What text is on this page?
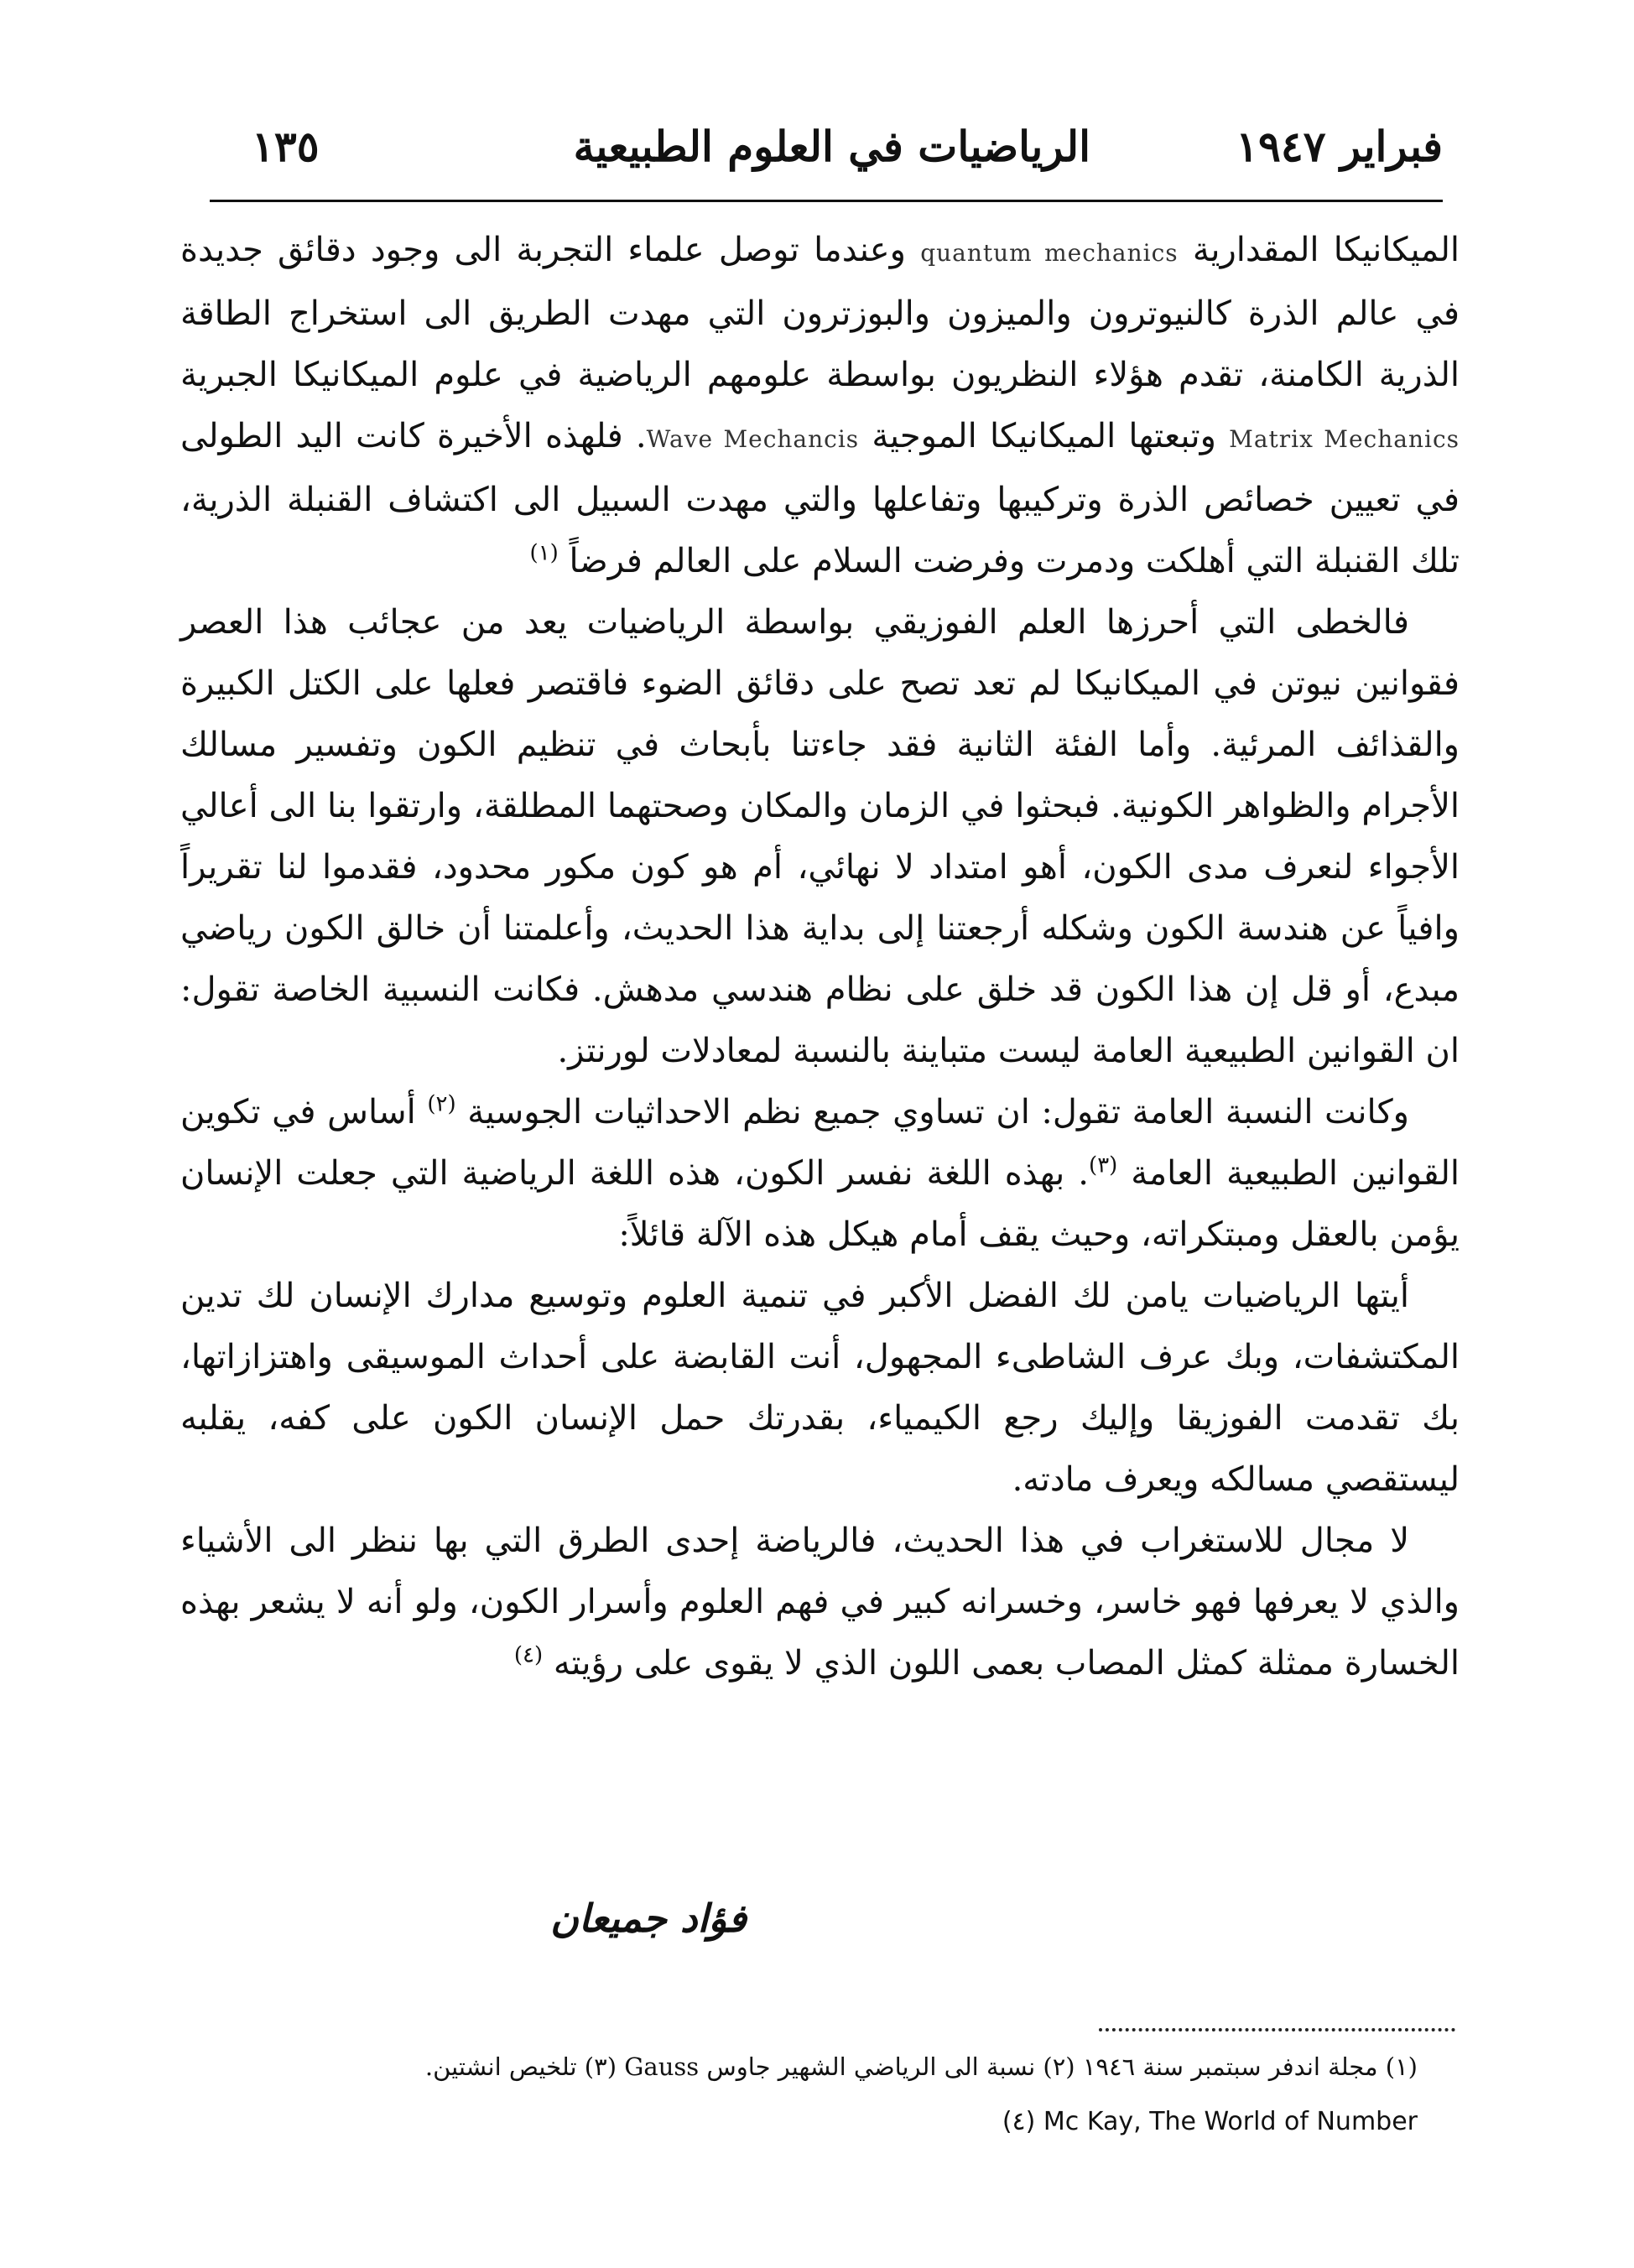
فبراير ١٩٤٧
الرياضيات في العلوم الطبيعية
١٣٥

الميكانيكا المقدارية quantum mechanics وعندما توصل علماء التجربة الى وجود دقائق جديدة في عالم الذرة كالنيوترون والميزون والبوزترون التي مهدت الطريق الى استخراج الطاقة الذرية الكامنة، تقدم هؤلاء النظريون بواسطة علومهم الرياضية في علوم الميكانيكا الجبرية Matrix Mechanics وتبعتها الميكانيكا الموجية Wave Mechancis. فلهذه الأخيرة كانت اليد الطولى في تعيين خصائص الذرة وتركيبها وتفاعلها والتي مهدت السبيل الى اكتشاف القنبلة الذرية، تلك القنبلة التي أهلكت ودمرت وفرضت السلام على العالم فرضاً $^{(١)}$

فالخطى التي أحرزها العلم الفوزيقي بواسطة الرياضيات يعد من عجائب هذا العصر فقوانين نيوتن في الميكانيكا لم تعد تصح على دقائق الضوء فاقتصر فعلها على الكتل الكبيرة والقذائف المرئية. وأما الفئة الثانية فقد جاءتنا بأبحاث في تنظيم الكون وتفسير مسالك الأجرام والظواهر الكونية. فبحثوا في الزمان والمكان وصحتهما المطلقة، وارتقوا بنا الى أعالي الأجواء لنعرف مدى الكون، أهو امتداد لا نهائي، أم هو كون مكور محدود، فقدموا لنا تقريراً وافياً عن هندسة الكون وشكله أرجعتنا إلى بداية هذا الحديث، وأعلمتنا أن خالق الكون رياضي مبدع، أو قل إن هذا الكون قد خلق على نظام هندسي مدهش. فكانت النسبية الخاصة تقول: ان القوانين الطبيعية العامة ليست متباينة بالنسبة لمعادلات لورنتز.

وكانت النسبة العامة تقول: ان تساوي جميع نظم الاحداثيات الجوسية $^{(٢)}$ أساس في تكوين القوانين الطبيعية العامة $^{(٣)}$. بهذه اللغة نفسر الكون، هذه اللغة الرياضية التي جعلت الإنسان يؤمن بالعقل ومبتكراته، وحيث يقف أمام هيكل هذه الآلة قائلاً:

أيتها الرياضيات يامن لك الفضل الأكبر في تنمية العلوم وتوسيع مدارك الإنسان لك تدين المكتشفات، وبك عرف الشاطىء المجهول، أنت القابضة على أحداث الموسيقى واهتزازاتها، بك تقدمت الفوزيقا وإليك رجع الكيمياء، بقدرتك حمل الإنسان الكون على كفه، يقلبه ليستقصي مسالكه ويعرف مادته.

لا مجال للاستغراب في هذا الحديث، فالرياضة إحدى الطرق التي بها ننظر الى الأشياء والذي لا يعرفها فهو خاسر، وخسرانه كبير في فهم العلوم وأسرار الكون، ولو أنه لا يشعر بهذه الخسارة ممثلة كمثل المصاب بعمى اللون الذي لا يقوى على رؤيته $^{(٤)}$

فؤاد جميعان
(١) مجلة اندفر سبتمبر سنة ١٩٤٦ (٢) نسبة الى الرياضي الشهير جاوس Gauss (٣) تلخيص انشتين.
Mc Kay, The World of Number (٤)
